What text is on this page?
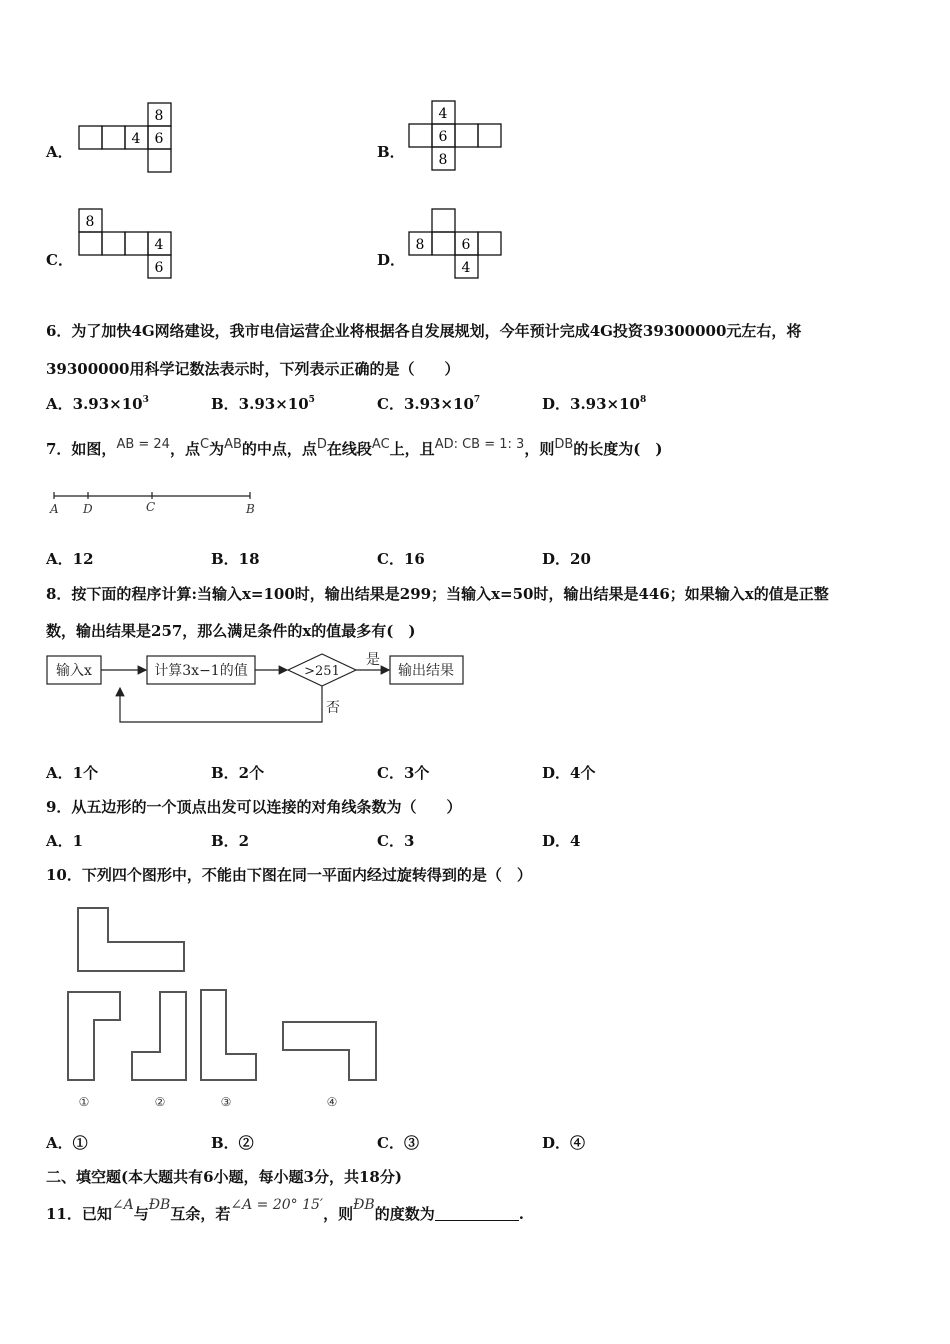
A．
8
4 6
B．
4
6
8
C．
8
4
6	D．
8	6
4
6．为了加快4G网络建设，我市电信运营企业将根据各自发展规划，今年预计完成4G投资39300000元左右，将
39300000用科学记数法表示时，下列表示正确的是（　　）
A．$3.93\times 10^3$	B．$3.93\times 10^5$	C．$3.93\times 10^7$	D．$3.93\times 10^8$
7．如图，AB = 24，点C为AB的中点，点D在线段AC上，且AD: CB = 1: 3，则DB的长度为(　)
A D	C	B
A．12	B．18	C．16	D．20
8．按下面的程序计算:当输入x=100时，输出结果是299；当输入x=50时，输出结果是446；如果输入x的值是正整
数，输出结果是257，那么满足条件的x的值最多有(　)
输入x	计算3x−1的值	>251
是
输出结果
否
A．1个	B．2个	C．3个	D．4个
9．从五边形的一个顶点出发可以连接的对角线条数为（　　）
A．1	B．2	C．3	D．4
10．下列四个图形中，不能由下图在同一平面内经过旋转得到的是（　）
①	②	③	④
A．①	B．②	C．③	D．④
二、填空题(本大题共有6小题，每小题3分，共18分)
11．已知∠A与ÐB互余，若∠A = 20° 15′，则ÐB的度数为	.
